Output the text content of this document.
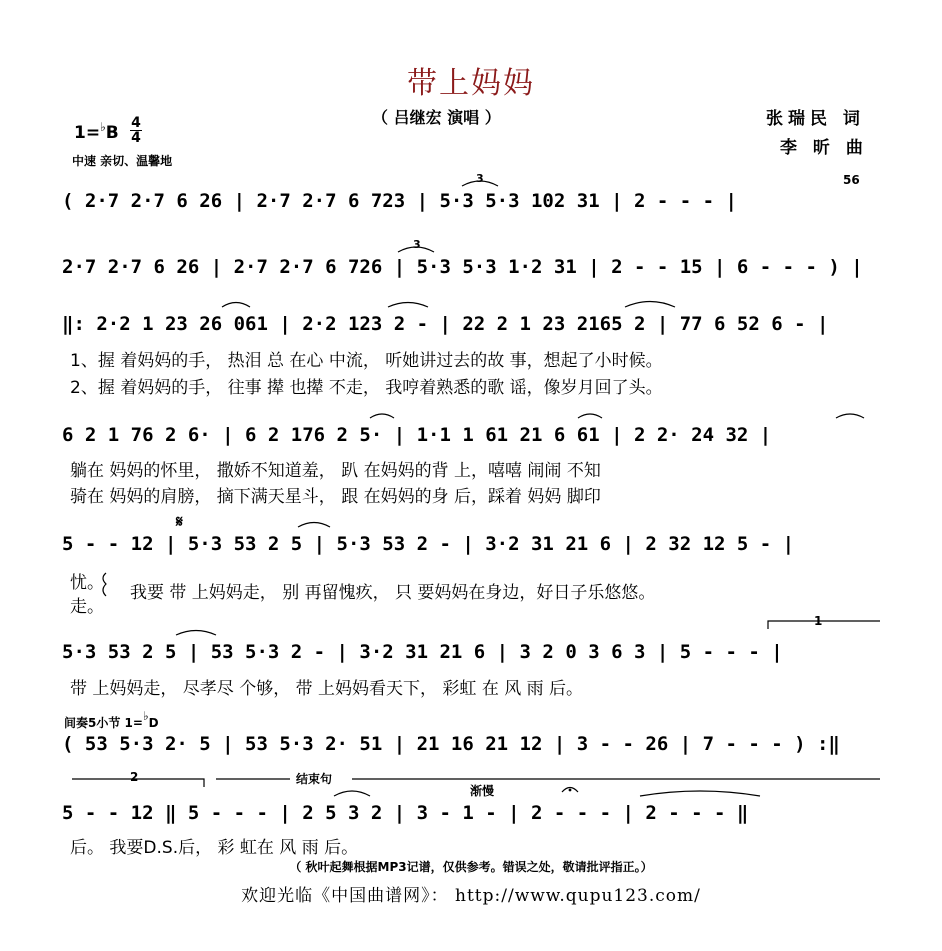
带上妈妈
（ 吕继宏 演唱 ）	张瑞民 词
李 昕 曲
1=♭B 4
4
中速 亲切、温馨地
( 2·7 2·7 6 26 | 2·7 2·7 6 723 | 5·3 5·3 102 31 | 2 - - - |
56
2·7 2·7 6 26 | 2·7 2·7 6 726 | 5·3 5·3 1·2 31 | 2 - - 15 | 6 - - - ) |
‖: 2·2 1 23 26 061 | 2·2 123 2 - | 22 2 1 23 2165 2 | 77 6 52 6 - |
1、握 着妈妈的手， 热泪 总 在心 中流， 听她讲过去的故 事，想起了小时候。
2、握 着妈妈的手， 往事 撵 也撵 不走， 我哼着熟悉的歌 谣，像岁月回了头。
6 2 1 76 2 6· | 6 2 176 2 5· | 1·1 1 61 21 6 61 | 2 2· 24 32 |
躺在 妈妈的怀里， 撒娇不知道羞， 趴 在妈妈的背 上，嘻嘻 闹闹 不知
骑在 妈妈的肩膀， 摘下满天星斗， 跟 在妈妈的身 后，踩着 妈妈 脚印
𝄋
5 - - 12 | 5·3 53 2 5 | 5·3 53 2 - | 3·2 31 21 6 | 2 32 12 5 - |
忧。
走。
我要 带 上妈妈走， 别 再留愧疚， 只 要妈妈在身边，好日子乐悠悠。
1
5·3 53 2 5 | 53 5·3 2 - | 3·2 31 21 6 | 3 2 0 3 6 3 | 5 - - - |
带 上妈妈走， 尽孝尽 个够， 带 上妈妈看天下， 彩虹 在 风 雨 后。
间奏5小节 1=♭D
( 53 5·3 2· 5 | 53 5·3 2· 51 | 21 16 21 12 | 3 - - 26 | 7 - - - ) :‖
2	结束句
渐慢
5 - - 12 ‖ 5 - - - | 2 5 3 2 | 3 - 1 - | 2 - - - | 2 - - - ‖
后。 我要D.S.后， 彩 虹在 风 雨 后。
（ 秋叶起舞根据MP3记谱，仅供参考。错误之处，敬请批评指正。）
欢迎光临《中国曲谱网》： http://www.qupu123.com/
3
3
